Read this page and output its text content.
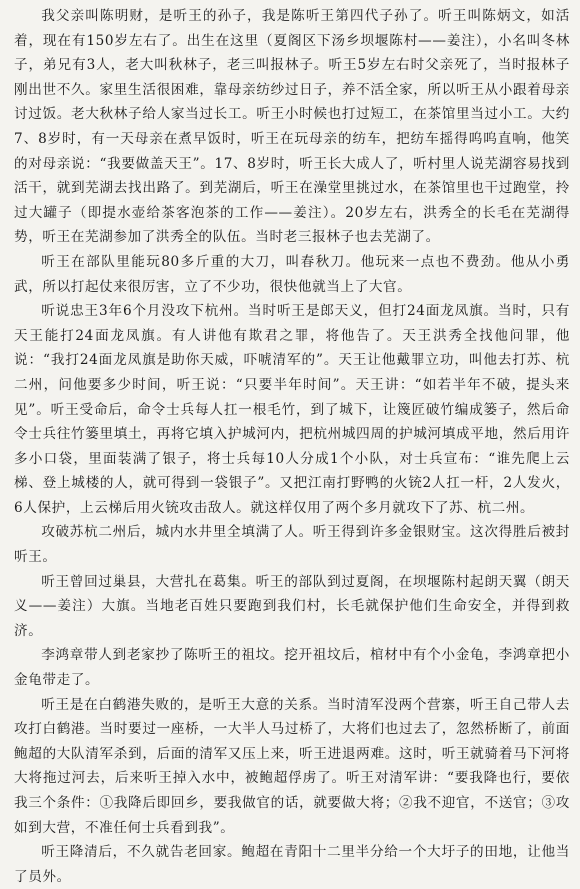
我父亲叫陈明财，是听王的孙子，我是陈听王第四代子孙了。听王叫陈炳文，如活着，现在有150岁左右了。出生在这里（夏阁区下汤乡坝堰陈村——姜注），小名叫冬林子，弟兄有3人，老大叫秋林子，老三叫报林子。听王5岁左右时父亲死了，当时报林子刚出世不久。家里生活很困难，靠母亲纺纱过日子，养不活全家，所以听王从小跟着母亲讨过饭。老大秋林子给人家当过长工。听王小时候也打过短工，在茶馆里当过小工。大约7、8岁时，有一天母亲在煮早饭时，听王在玩母亲的纺车，把纺车摇得呜呜直响，他笑的对母亲说：“我要做盖天王”。17、8岁时，听王长大成人了，听村里人说芜湖容易找到活干，就到芜湖去找出路了。到芜湖后，听王在澡堂里挑过水，在茶馆里也干过跑堂，拎过大罐子（即提水壶给茶客泡茶的工作——姜注）。20岁左右，洪秀全的长毛在芜湖得势，听王在芜湖参加了洪秀全的队伍。当时老三报林子也去芜湖了。

听王在部队里能玩80多斤重的大刀，叫春秋刀。他玩来一点也不费劲。他从小勇武，所以打起仗来很厉害，立了不少功，很快他就当上了大官。

听说忠王3年6个月没攻下杭州。当时听王是郎天义，但打24面龙凤旗。当时，只有天王能打24面龙凤旗。有人讲他有欺君之罪，将他告了。天王洪秀全找他问罪，他说：“我打24面龙凤旗是助你天威，吓唬清军的”。天王让他戴罪立功，叫他去打苏、杭二州，问他要多少时间，听王说：“只要半年时间”。天王讲：“如若半年不破，提头来见”。听王受命后，命令士兵每人扛一根毛竹，到了城下，让篾匠破竹编成篓子，然后命令士兵往竹篓里填土，再将它填入护城河内，把杭州城四周的护城河填成平地，然后用许多小口袋，里面装满了银子，将士兵每10人分成1个小队，对士兵宣布：“谁先爬上云梯、登上城楼的人，就可得到一袋银子”。又把江南打野鸭的火铳2人扛一杆，2人发火，6人保护，上云梯后用火铳攻击敌人。就这样仅用了两个多月就攻下了苏、杭二州。

攻破苏杭二州后，城内水井里全填满了人。听王得到许多金银财宝。这次得胜后被封听王。

听王曾回过巢县，大营扎在葛集。听王的部队到过夏阁，在坝堰陈村起朗天翼（朗天义——姜注）大旗。当地老百姓只要跑到我们村，长毛就保护他们生命安全，并得到救济。

李鸿章带人到老家抄了陈听王的祖坟。挖开祖坟后，棺材中有个小金龟，李鸿章把小金龟带走了。

听王是在白鹤港失败的，是听王大意的关系。当时清军没两个营寨，听王自己带人去攻打白鹤港。当时要过一座桥，一大半人马过桥了，大将们也过去了，忽然桥断了，前面鲍超的大队清军杀到，后面的清军又压上来，听王进退两难。这时，听王就骑着马下河将大将拖过河去，后来听王掉入水中，被鲍超俘虏了。听王对清军讲：“要我降也行，要依我三个条件：①我降后即回乡，要我做官的话，就要做大将；②我不迎官，不送官；③攻如到大营，不准任何士兵看到我”。

听王降清后，不久就告老回家。鲍超在青阳十二里半分给一个大圩子的田地，让他当了员外。
